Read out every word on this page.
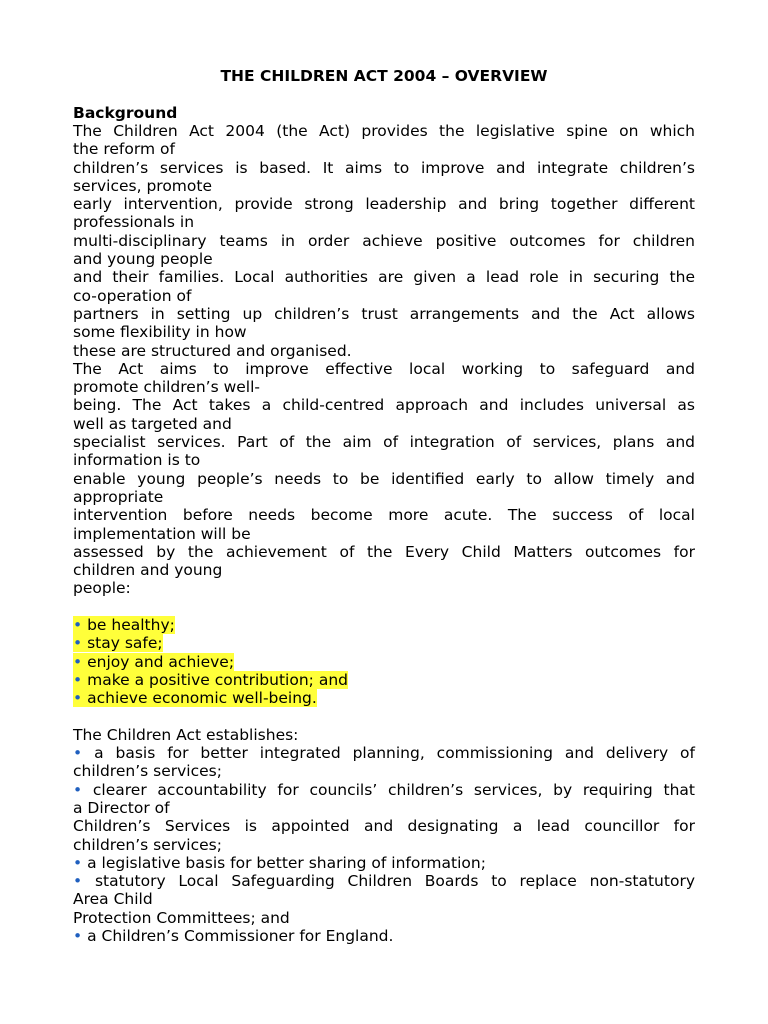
THE CHILDREN ACT 2004 – OVERVIEW
Background
The Children Act 2004 (the Act) provides the legislative spine on which
the reform of
children’s services is based. It aims to improve and integrate children’s
services, promote
early intervention, provide strong leadership and bring together different
professionals in
multi-disciplinary teams in order achieve positive outcomes for children
and young people
and their families. Local authorities are given a lead role in securing the
co-operation of
partners in setting up children’s trust arrangements and the Act allows
some flexibility in how
these are structured and organised.
The Act aims to improve effective local working to safeguard and
promote children’s well-
being. The Act takes a child-centred approach and includes universal as
well as targeted and
specialist services. Part of the aim of integration of services, plans and
information is to
enable young people’s needs to be identified early to allow timely and
appropriate
intervention before needs become more acute. The success of local
implementation will be
assessed by the achievement of the Every Child Matters outcomes for
children and young
people:
• be healthy;
• stay safe;
• enjoy and achieve;
• make a positive contribution; and
• achieve economic well-being.
The Children Act establishes:
• a basis for better integrated planning, commissioning and delivery of
children’s services;
• clearer accountability for councils’ children’s services, by requiring that
a Director of
Children’s Services is appointed and designating a lead councillor for
children’s services;
• a legislative basis for better sharing of information;
• statutory Local Safeguarding Children Boards to replace non-statutory
Area Child
Protection Committees; and
• a Children’s Commissioner for England.
